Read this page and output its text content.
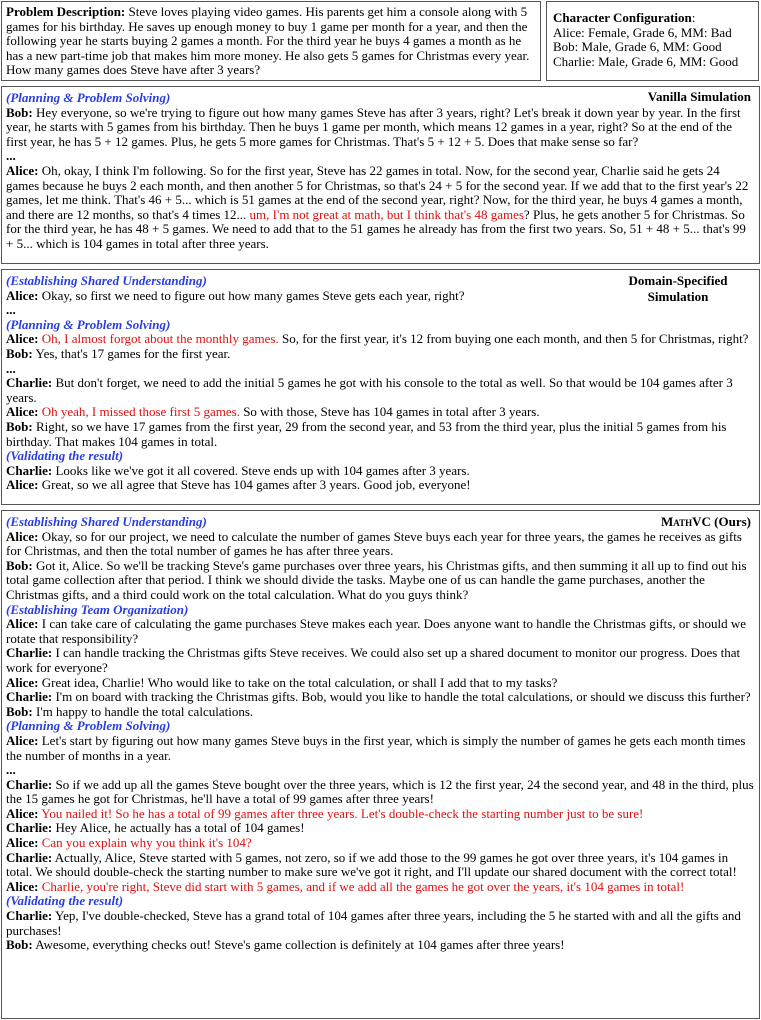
Problem Description: Steve loves playing video games. His parents get him a console along with 5 games for his birthday. He saves up enough money to buy 1 game per month for a year, and then the following year he starts buying 2 games a month. For the third year he buys 4 games a month as he has a new part-time job that makes him more money. He also gets 5 games for Christmas every year. How many games does Steve have after 3 years?

Character Configuration:

Alice: Female, Grade 6, MM: Bad

Bob: Male, Grade 6, MM: Good

Charlie: Male, Grade 6, MM: Good

Vanilla Simulation

(Planning & Problem Solving)

Bob: Hey everyone, so we're trying to figure out how many games Steve has after 3 years, right? Let's break it down year by year. In the first year, he starts with 5 games from his birthday. Then he buys 1 game per month, which means 12 games in a year, right? So at the end of the first year, he has 5 + 12 games. Plus, he gets 5 more games for Christmas. That's 5 + 12 + 5. Does that make sense so far?

...

Alice: Oh, okay, I think I'm following. So for the first year, Steve has 22 games in total. Now, for the second year, Charlie said he gets 24 games because he buys 2 each month, and then another 5 for Christmas, so that's 24 + 5 for the second year. If we add that to the first year's 22 games, let me think. That's 46 + 5... which is 51 games at the end of the second year, right? Now, for the third year, he buys 4 games a month, and there are 12 months, so that's 4 times 12... um, I'm not great at math, but I think that's 48 games? Plus, he gets another 5 for Christmas. So for the third year, he has 48 + 5 games. We need to add that to the 51 games he already has from the first two years. So, 51 + 48 + 5... that's 99 + 5... which is 104 games in total after three years.

Domain-Specified
Simulation

(Establishing Shared Understanding)

Alice: Okay, so first we need to figure out how many games Steve gets each year, right?

...

(Planning & Problem Solving)

Alice: Oh, I almost forgot about the monthly games. So, for the first year, it's 12 from buying one each month, and then 5 for Christmas, right?

Bob: Yes, that's 17 games for the first year.

...

Charlie: But don't forget, we need to add the initial 5 games he got with his console to the total as well. So that would be 104 games after 3 years.

Alice: Oh yeah, I missed those first 5 games. So with those, Steve has 104 games in total after 3 years.

Bob: Right, so we have 17 games from the first year, 29 from the second year, and 53 from the third year, plus the initial 5 games from his birthday. That makes 104 games in total.

(Validating the result)

Charlie: Looks like we've got it all covered. Steve ends up with 104 games after 3 years.

Alice: Great, so we all agree that Steve has 104 games after 3 years. Good job, everyone!

MathVC (Ours)

(Establishing Shared Understanding)

Alice: Okay, so for our project, we need to calculate the number of games Steve buys each year for three years, the games he receives as gifts for Christmas, and then the total number of games he has after three years.

Bob: Got it, Alice. So we'll be tracking Steve's game purchases over three years, his Christmas gifts, and then summing it all up to find out his total game collection after that period. I think we should divide the tasks. Maybe one of us can handle the game purchases, another the Christmas gifts, and a third could work on the total calculation. What do you guys think?

(Establishing Team Organization)

Alice: I can take care of calculating the game purchases Steve makes each year. Does anyone want to handle the Christmas gifts, or should we rotate that responsibility?

Charlie: I can handle tracking the Christmas gifts Steve receives. We could also set up a shared document to monitor our progress. Does that work for everyone?

Alice: Great idea, Charlie! Who would like to take on the total calculation, or shall I add that to my tasks?

Charlie: I'm on board with tracking the Christmas gifts. Bob, would you like to handle the total calculations, or should we discuss this further?

Bob: I'm happy to handle the total calculations.

(Planning & Problem Solving)

Alice: Let's start by figuring out how many games Steve buys in the first year, which is simply the number of games he gets each month times the number of months in a year.

...

Charlie: So if we add up all the games Steve bought over the three years, which is 12 the first year, 24 the second year, and 48 in the third, plus the 15 games he got for Christmas, he'll have a total of 99 games after three years!

Alice: You nailed it! So he has a total of 99 games after three years. Let's double-check the starting number just to be sure!

Charlie: Hey Alice, he actually has a total of 104 games!

Alice: Can you explain why you think it's 104?

Charlie: Actually, Alice, Steve started with 5 games, not zero, so if we add those to the 99 games he got over three years, it's 104 games in total. We should double-check the starting number to make sure we've got it right, and I'll update our shared document with the correct total!

Alice: Charlie, you're right, Steve did start with 5 games, and if we add all the games he got over the years, it's 104 games in total!

(Validating the result)

Charlie: Yep, I've double-checked, Steve has a grand total of 104 games after three years, including the 5 he started with and all the gifts and purchases!

Bob: Awesome, everything checks out! Steve's game collection is definitely at 104 games after three years!
